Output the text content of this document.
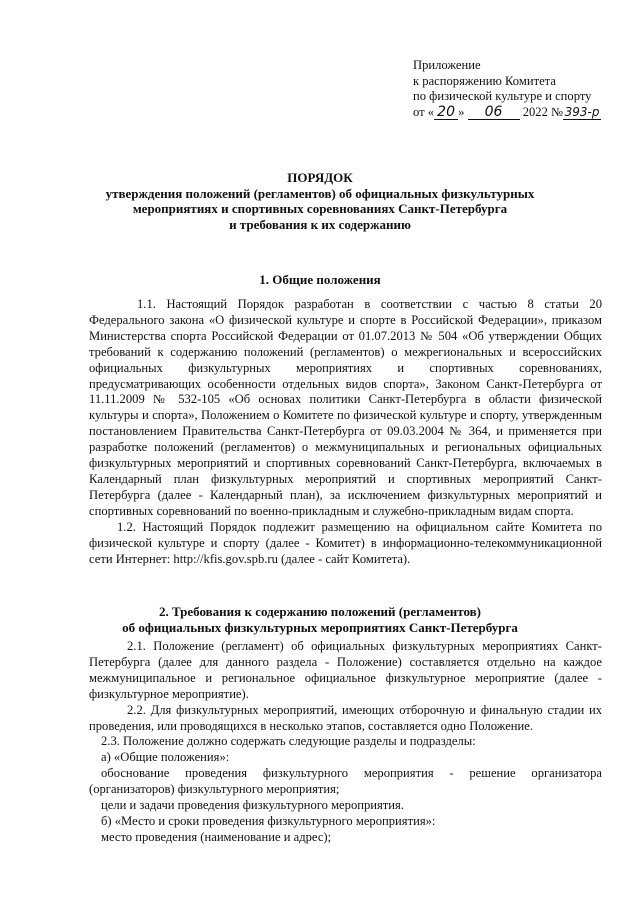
Приложение
к распоряжению Комитета
по физической культуре и спорту
от « 20 » 06 2022 № 393-р
ПОРЯДОК
утверждения положений (регламентов) об официальных физкультурных
мероприятиях и спортивных соревнованиях Санкт-Петербурга
и требования к их содержанию
1. Общие положения

1.1. Настоящий Порядок разработан в соответствии с частью 8 статьи 20 Федерального закона «О физической культуре и спорте в Российской Федерации», приказом Министерства спорта Российской Федерации от 01.07.2013 № 504 «Об утверждении Общих требований к содержанию положений (регламентов) о межрегиональных и всероссийских официальных физкультурных мероприятиях и спортивных соревнованиях, предусматривающих особенности отдельных видов спорта», Законом Санкт-Петербурга от 11.11.2009 № 532-105 «Об основах политики Санкт-Петербурга в области физической культуры и спорта», Положением о Комитете по физической культуре и спорту, утвержденным постановлением Правительства Санкт-Петербурга от 09.03.2004 № 364, и применяется при разработке положений (регламентов) о межмуниципальных и региональных официальных физкультурных мероприятий и спортивных соревнований Санкт-Петербурга, включаемых в Календарный план физкультурных мероприятий и спортивных мероприятий Санкт-Петербурга (далее - Календарный план), за исключением физкультурных мероприятий и спортивных соревнований по военно-прикладным и служебно-прикладным видам спорта.

1.2. Настоящий Порядок подлежит размещению на официальном сайте Комитета по физической культуре и спорту (далее - Комитет) в информационно-телекоммуникационной сети Интернет: http://kfis.gov.spb.ru (далее - сайт Комитета).

2. Требования к содержанию положений (регламентов)
об официальных физкультурных мероприятиях Санкт-Петербурга

2.1. Положение (регламент) об официальных физкультурных мероприятиях Санкт-Петербурга (далее для данного раздела - Положение) составляется отдельно на каждое межмуниципальное и региональное официальное физкультурное мероприятие (далее - физкультурное мероприятие).

2.2. Для физкультурных мероприятий, имеющих отборочную и финальную стадии их проведения, или проводящихся в несколько этапов, составляется одно Положение.

2.3. Положение должно содержать следующие разделы и подразделы:

а) «Общие положения»:

обоснование проведения физкультурного мероприятия - решение организатора (организаторов) физкультурного мероприятия;

цели и задачи проведения физкультурного мероприятия.

б) «Место и сроки проведения физкультурного мероприятия»:

место проведения (наименование и адрес);
